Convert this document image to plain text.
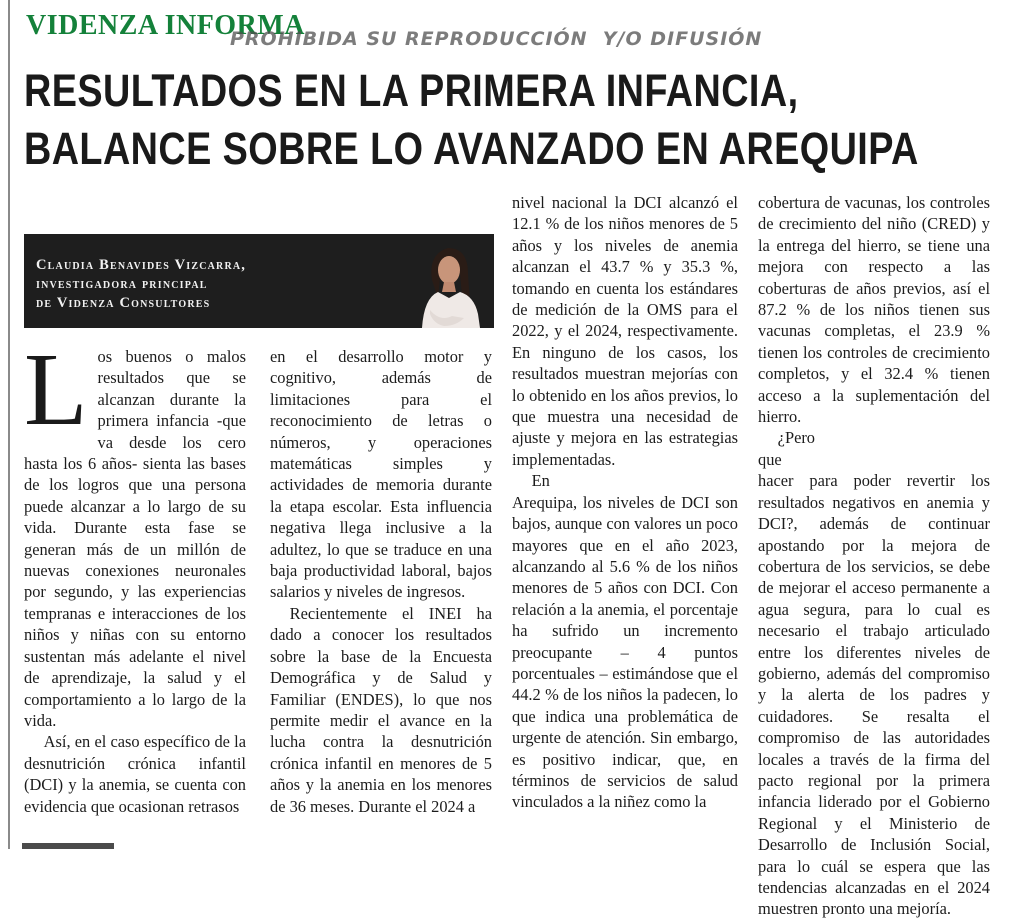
VIDENZA INFORMA
PROHIBIDA SU REPRODUCCIÓN  Y/O DIFUSIÓN
RESULTADOS EN LA PRIMERA INFANCIA,
BALANCE SOBRE LO AVANZADO EN AREQUIPA
Claudia Benavides Vizcarra,
investigadora principal
de Videnza Consultores

L os buenos o malos resultados que se alcanzan durante la primera infancia -que va desde los cero hasta los 6 años- sienta las bases de los logros que una persona puede alcanzar a lo largo de su vida. Durante esta fase se generan más de un millón de nuevas conexiones neuronales por segundo, y las experiencias tempranas e interacciones de los niños y niñas con su entorno sustentan más adelante el nivel de aprendizaje, la salud y el comportamiento a lo largo de la vida.

Así, en el caso específico de la desnutrición crónica infantil (DCI) y la anemia, se cuenta con evidencia que ocasionan retrasos

en el desarrollo motor y cognitivo, además de limitaciones para el reconocimiento de letras o números, y operaciones matemáticas simples y actividades de memoria durante la etapa escolar. Esta influencia negativa llega inclusive a la adultez, lo que se traduce en una baja productividad laboral, bajos salarios y niveles de ingresos.

Recientemente el INEI ha dado a conocer los resultados sobre la base de la Encuesta Demográfica y de Salud y Familiar (ENDES), lo que nos permite medir el avance en la lucha contra la desnutrición crónica infantil en menores de 5 años y la anemia en los menores de 36 meses. Durante el 2024 a

nivel nacional la DCI alcanzó el 12.1 % de los niños menores de 5 años y los niveles de anemia alcanzan el 43.7 % y 35.3 %, tomando en cuenta los estándares de medición de la OMS para el 2022, y el 2024, respectivamente. En ninguno de los casos, los resultados muestran mejorías con lo obtenido en los años previos, lo que muestra una necesidad de ajuste y mejora en las estrategias implementadas.

En

Arequipa, los niveles de DCI son bajos, aunque con valores un poco mayores que en el año 2023, alcanzando al 5.6 % de los niños menores de 5 años con DCI. Con relación a la anemia, el porcentaje ha sufrido un incremento preocupante – 4 puntos porcentuales – estimándose que el 44.2 % de los niños la padecen, lo que indica una problemática de urgente de atención. Sin embargo, es positivo indicar, que, en términos de servicios de salud vinculados a la niñez como la

cobertura de vacunas, los controles de crecimiento del niño (CRED) y la entrega del hierro, se tiene una mejora con respecto a las coberturas de años previos, así el 87.2 % de los niños tienen sus vacunas completas, el 23.9 % tienen los controles de crecimiento completos, y el 32.4 % tienen acceso a la suplementación del hierro.

¿Pero

que

hacer para poder revertir los resultados negativos en anemia y DCI?, además de continuar apostando por la mejora de cobertura de los servicios, se debe de mejorar el acceso permanente a agua segura, para lo cual es necesario el trabajo articulado entre los diferentes niveles de gobierno, además del compromiso y la alerta de los padres y cuidadores. Se resalta el compromiso de las autoridades locales a través de la firma del pacto regional por la primera infancia liderado por el Gobierno Regional y el Ministerio de Desarrollo de Inclusión Social, para lo cuál se espera que las tendencias alcanzadas en el 2024 muestren pronto una mejoría.
